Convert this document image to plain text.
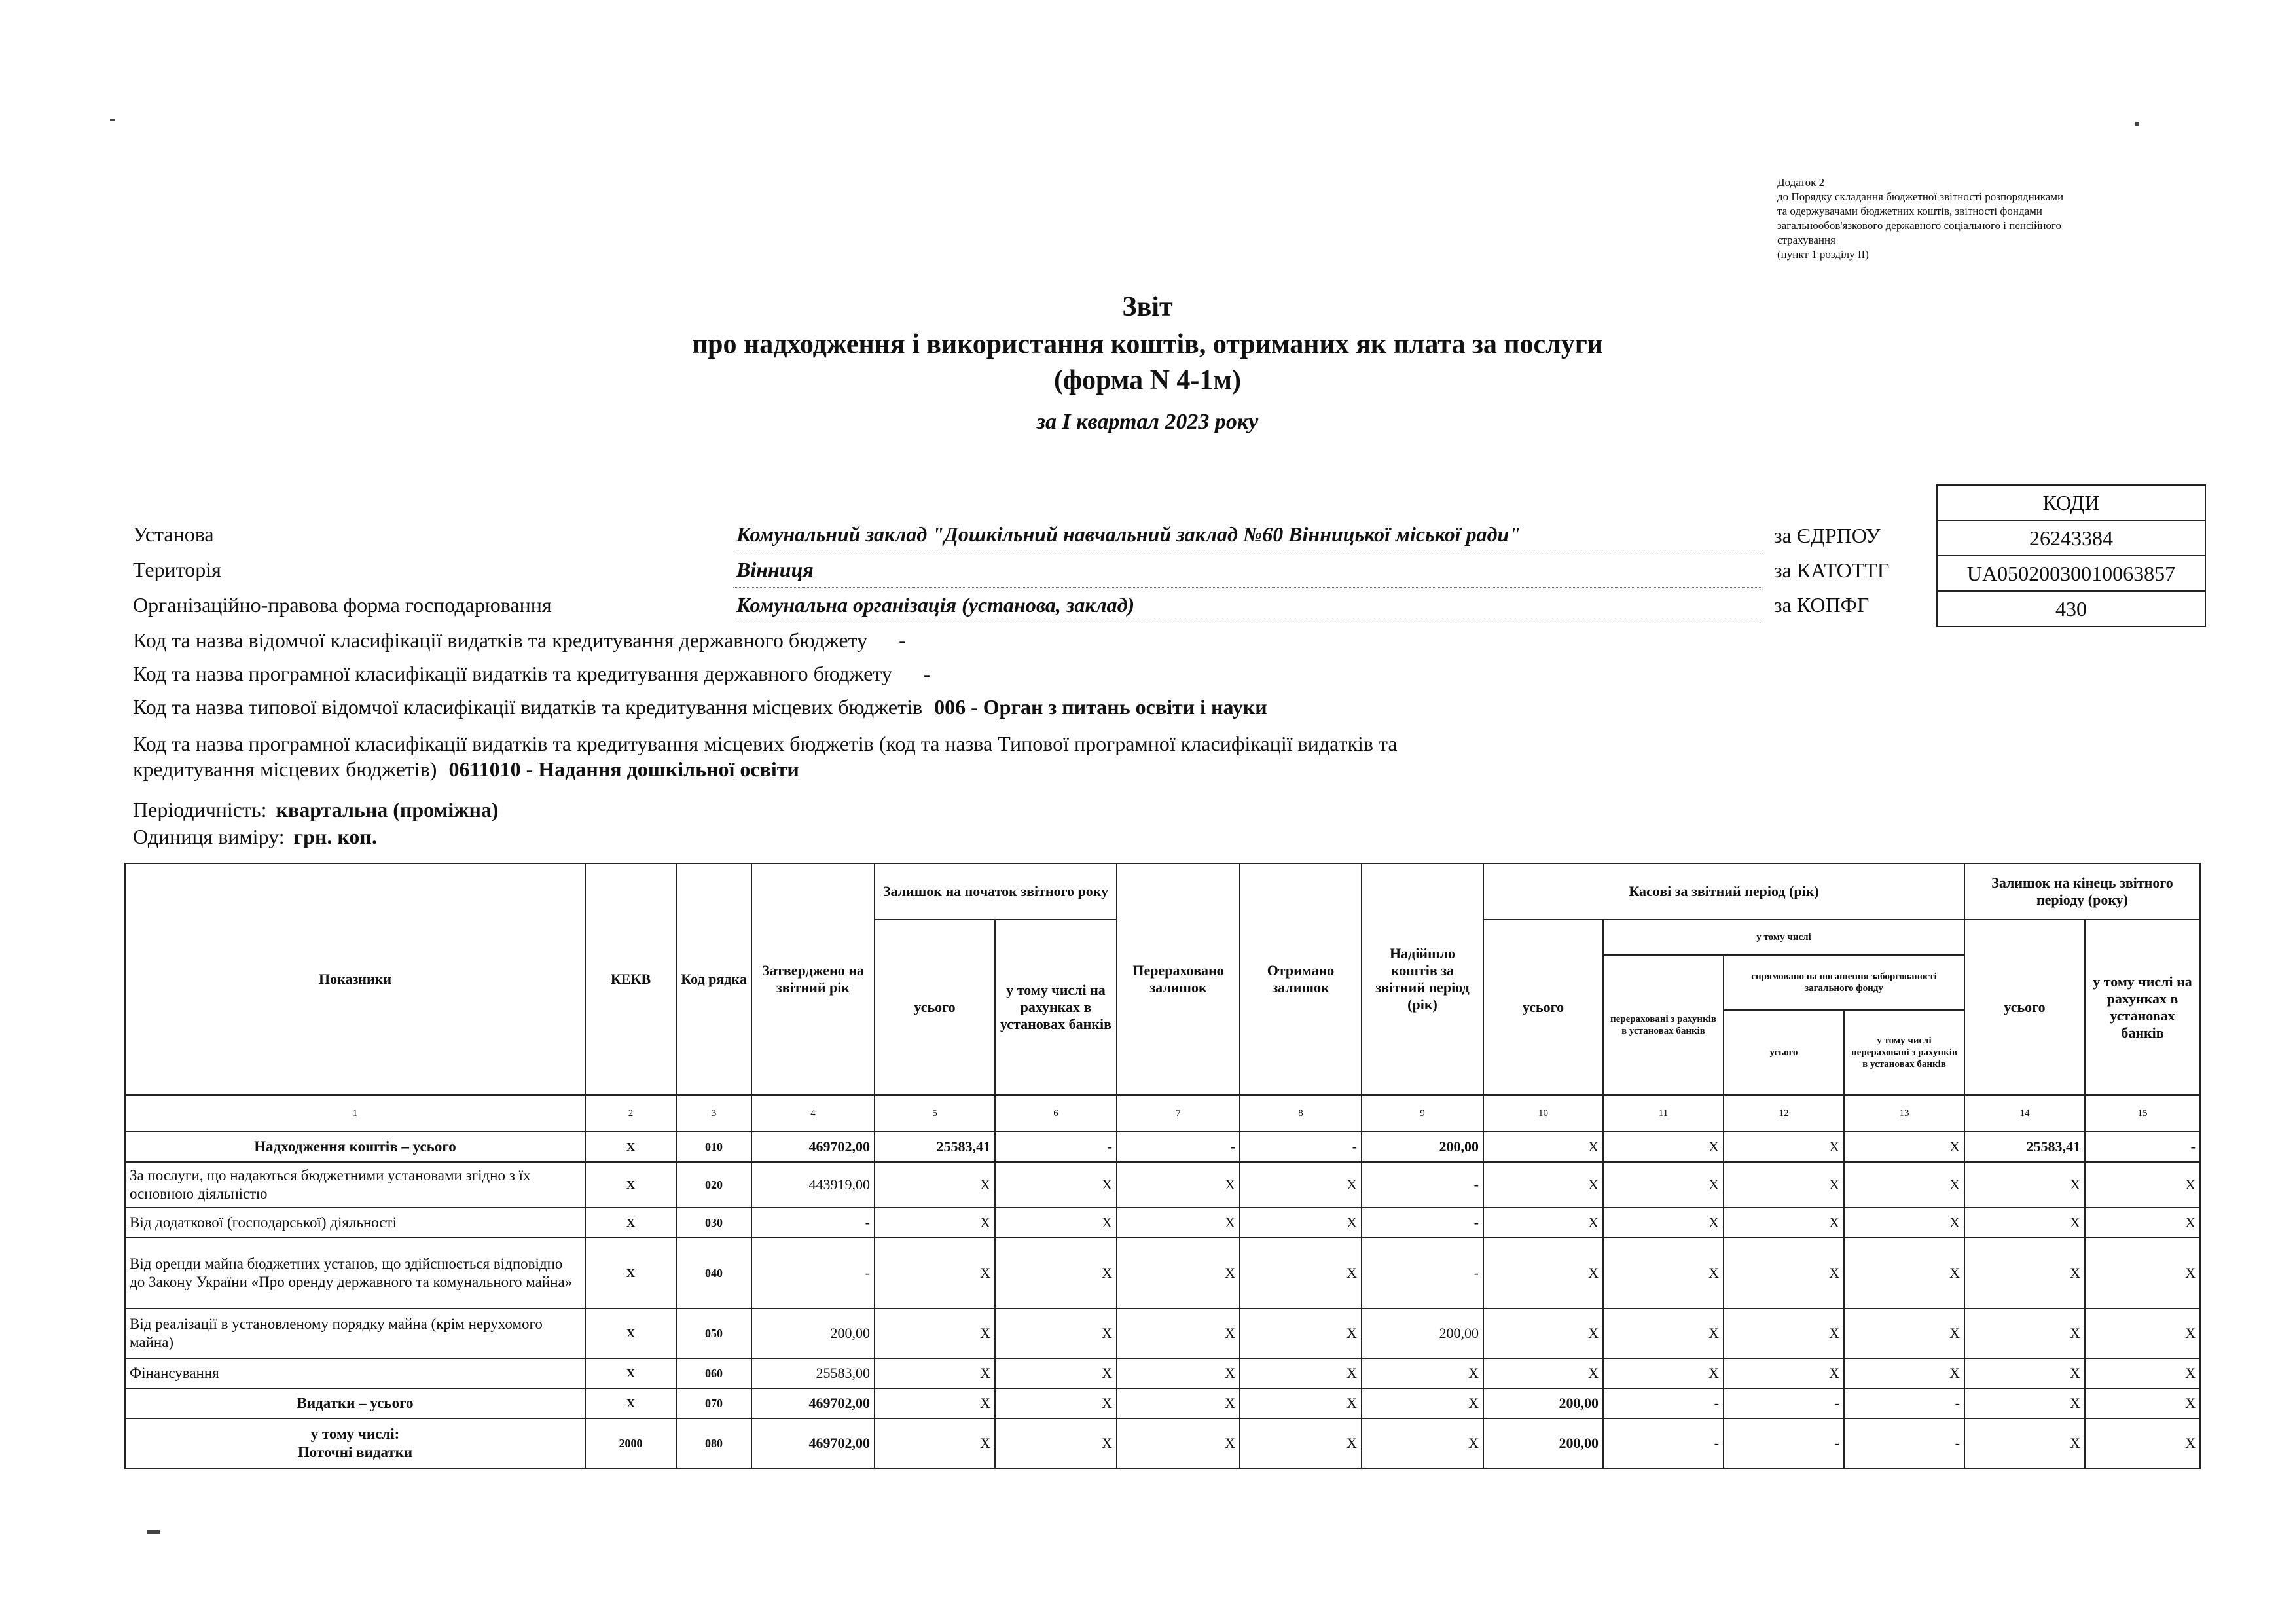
Додаток 2
до Порядку складання бюджетної звітності розпорядниками
та одержувачами бюджетних коштів, звітності фондами
загальнообов'язкового державного соціального і пенсійного
страхування
(пункт 1 розділу II)
Звіт
про надходження і використання коштів, отриманих як плата за послуги
(форма N 4-1м)
за I квартал 2023 року
КОДИ
26243384
UA05020030010063857
430
за ЄДРПОУ
за КАТОТТГ
за КОПФГ
Установа	Комунальний заклад "Дошкільний навчальний заклад №60 Вінницької міської ради"
Територія	Вінниця
Організаційно-правова форма господарювання	Комунальна організація (установа, заклад)
Код та назва відомчої класифікації видатків та кредитування державного бюджету -
Код та назва програмної класифікації видатків та кредитування державного бюджету -
Код та назва типової відомчої класифікації видатків та кредитування місцевих бюджетів 006 - Орган з питань освіти і науки
Код та назва програмної класифікації видатків та кредитування місцевих бюджетів (код та назва Типової програмної класифікації видатків та
кредитування місцевих бюджетів) 0611010 - Надання дошкільної освіти
Періодичність: квартальна (проміжна)
Одиниця виміру: грн. коп.
Показники	КЕКВ	Код рядка	Затверджено на звітний рік	Залишок на початок звітного року		Перераховано залишок	Отримано залишок	Надійшло коштів за звітний період (рік)	Касові за звітний період (рік)				Залишок на кінець звітного періоду (року)	
				усього	у тому числі на рахунках в установах банків				усього	у тому числі			усього	у тому числі на рахунках в установах банків
										перераховані з рахунків в установах банків	спрямовано на погашення заборгованості загального фонду			
											усього	у тому числі перераховані з рахунків в установах банків		
1	2	3	4	5	6	7	8	9	10	11	12	13	14	15
Надходження коштів – усього	X	010	469702,00	25583,41	-	-	-	200,00	X	X	X	X	25583,41	-
За послуги, що надаються бюджетними установами згідно з їх основною діяльністю	X	020	443919,00	X	X	X	X	-	X	X	X	X	X	X
Від додаткової (господарської) діяльності	X	030	-	X	X	X	X	-	X	X	X	X	X	X
Від оренди майна бюджетних установ, що здійснюється відповідно до Закону України «Про оренду державного та комунального майна»	X	040	-	X	X	X	X	-	X	X	X	X	X	X
Від реалізації в установленому порядку майна (крім нерухомого майна)	X	050	200,00	X	X	X	X	200,00	X	X	X	X	X	X
Фінансування	X	060	25583,00	X	X	X	X	X	X	X	X	X	X	X
Видатки – усього	X	070	469702,00	X	X	X	X	X	200,00	-	-	-	X	X
у тому числі:
Поточні видатки	2000	080	469702,00	X	X	X	X	X	200,00	-	-	-	X	X
